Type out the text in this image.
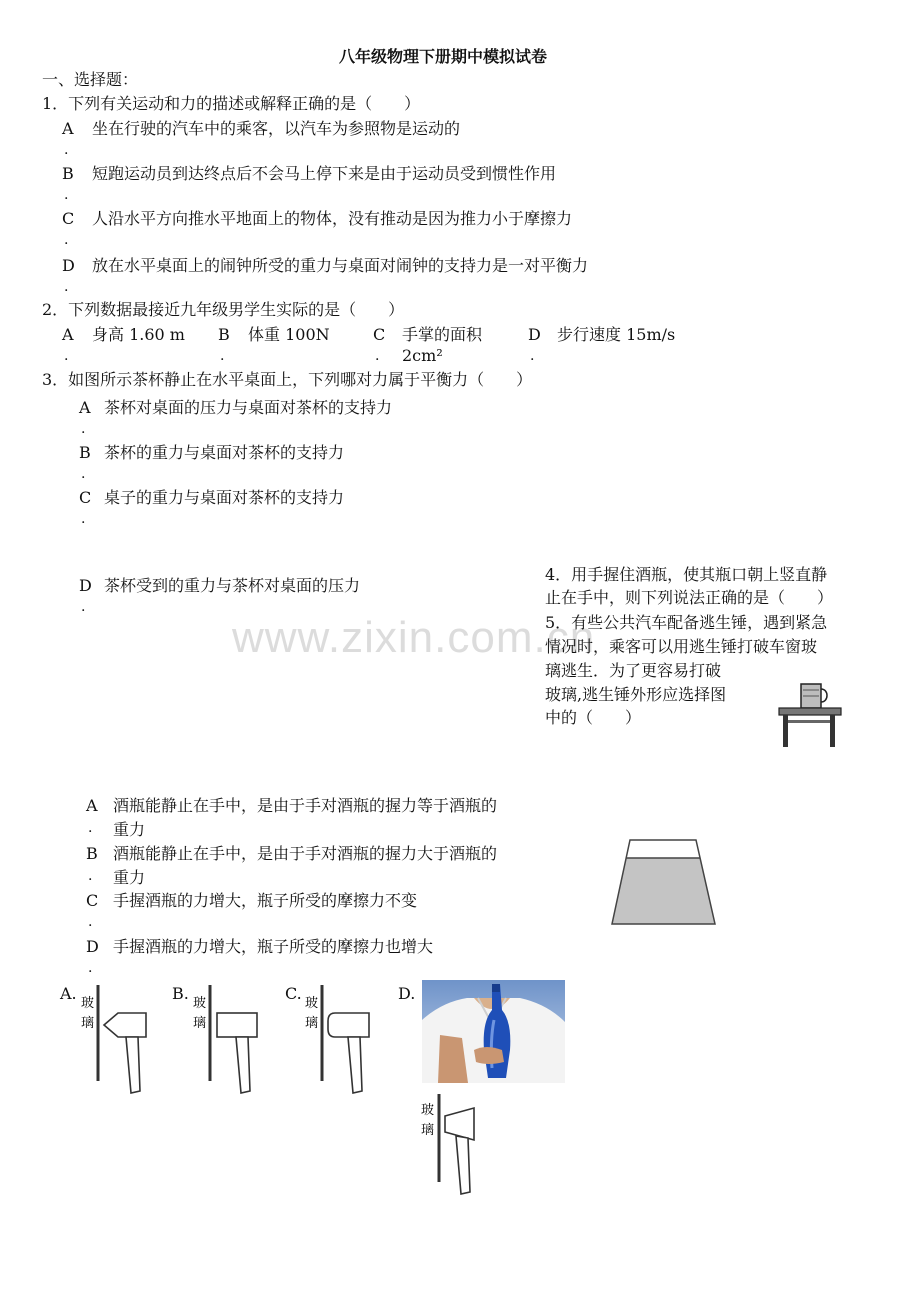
八年级物理下册期中模拟试卷
一、选择题：
1．下列有关运动和力的描述或解释正确的是（　　）
A 坐在行驶的汽车中的乘客，以汽车为参照物是运动的
.
B 短跑运动员到达终点后不会马上停下来是由于运动员受到惯性作用
.
C 人沿水平方向推水平地面上的物体，没有推动是因为推力小于摩擦力
.
D 放在水平桌面上的闹钟所受的重力与桌面对闹钟的支持力是一对平衡力
.
2．下列数据最接近九年级男学生实际的是（　　）
A 身高 1.60 m
.
B 体重 100N
.
C 手掌的面积
2cm²
.
D 步行速度 15m/s
.
3．如图所示茶杯静止在水平桌面上，下列哪对力属于平衡力（　　）
A 茶杯对桌面的压力与桌面对茶杯的支持力
.
B 茶杯的重力与桌面对茶杯的支持力
.
C 桌子的重力与桌面对茶杯的支持力
.
D 茶杯受到的重力与茶杯对桌面的压力
.
4．用手握住酒瓶，使其瓶口朝上竖直静
止在手中，则下列说法正确的是（　　）
www.zixin.com.cn
5．有些公共汽车配备逃生锤，遇到紧急
情况时，乘客可以用逃生锤打破车窗玻
璃逃生．为了更容易打破
玻璃,逃生锤外形应选择图
中的（　　）
A 酒瓶能静止在手中，是由于手对酒瓶的握力等于酒瓶的
. 重力
B 酒瓶能静止在手中，是由于手对酒瓶的握力大于酒瓶的
. 重力
C 手握酒瓶的力增大，瓶子所受的摩擦力不变
.
D 手握酒瓶的力增大，瓶子所受的摩擦力也增大
.
A.	B.	C.	D.
玻
璃
玻
璃
玻
璃
玻
璃
